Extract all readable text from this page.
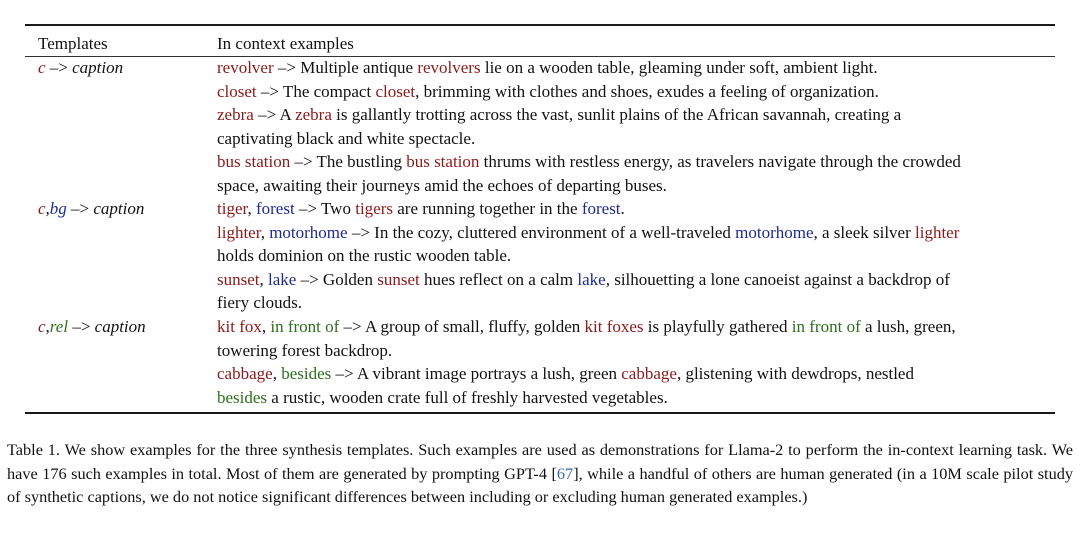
Templates	In context examples
c –> caption
c,bg –> caption
c,rel –> caption
revolver –> Multiple antique revolvers lie on a wooden table, gleaming under soft, ambient light.
closet –> The compact closet, brimming with clothes and shoes, exudes a feeling of organization.
zebra –> A zebra is gallantly trotting across the vast, sunlit plains of the African savannah, creating a
captivating black and white spectacle.
bus station –> The bustling bus station thrums with restless energy, as travelers navigate through the crowded
space, awaiting their journeys amid the echoes of departing buses.
tiger, forest –> Two tigers are running together in the forest.
lighter, motorhome –> In the cozy, cluttered environment of a well-traveled motorhome, a sleek silver lighter
holds dominion on the rustic wooden table.
sunset, lake –> Golden sunset hues reflect on a calm lake, silhouetting a lone canoeist against a backdrop of
fiery clouds.
kit fox, in front of –> A group of small, fluffy, golden kit foxes is playfully gathered in front of a lush, green,
towering forest backdrop.
cabbage, besides –> A vibrant image portrays a lush, green cabbage, glistening with dewdrops, nestled
besides a rustic, wooden crate full of freshly harvested vegetables.
Table 1. We show examples for the three synthesis templates. Such examples are used as demonstrations for Llama-2 to perform the in-context learning task. We have 176 such examples in total. Most of them are generated by prompting GPT-4 [67], while a handful of others are human generated (in a 10M scale pilot study of synthetic captions, we do not notice significant differences between including or excluding human generated examples.)
